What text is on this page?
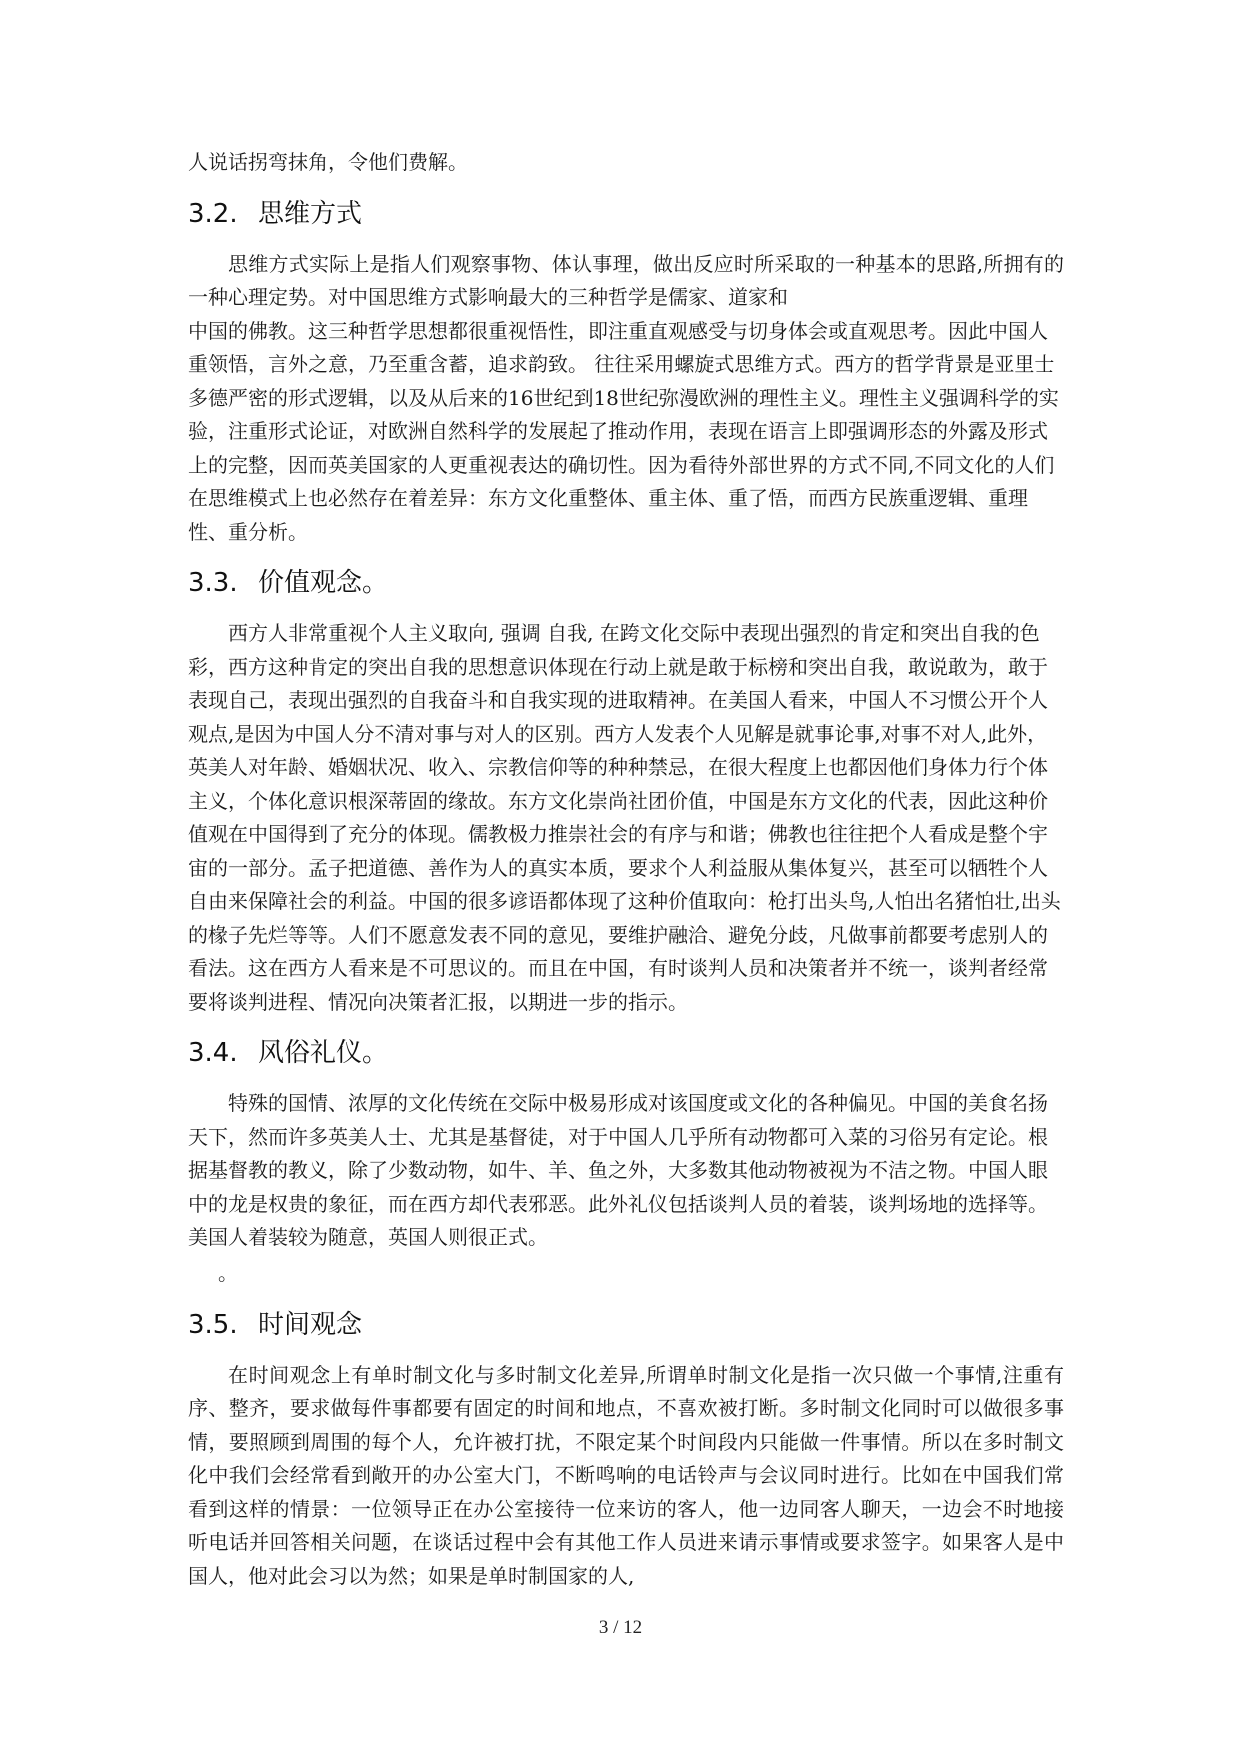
人说话拐弯抹角，令他们费解。

3.2. 思维方式

思维方式实际上是指人们观察事物、体认事理，做出反应时所采取的一种基本的思路,所拥有的一种心理定势。对中国思维方式影响最大的三种哲学是儒家、道家和

中国的佛教。这三种哲学思想都很重视悟性，即注重直观感受与切身体会或直观思考。因此中国人重领悟，言外之意，乃至重含蓄，追求韵致。 往往采用螺旋式思维方式。西方的哲学背景是亚里士多德严密的形式逻辑，以及从后来的16世纪到18世纪弥漫欧洲的理性主义。理性主义强调科学的实验，注重形式论证，对欧洲自然科学的发展起了推动作用，表现在语言上即强调形态的外露及形式上的完整，因而英美国家的人更重视表达的确切性。因为看待外部世界的方式不同,不同文化的人们在思维模式上也必然存在着差异：东方文化重整体、重主体、重了悟，而西方民族重逻辑、重理性、重分析。

3.3. 价值观念。

西方人非常重视个人主义取向, 强调 自我, 在跨文化交际中表现出强烈的肯定和突出自我的色彩，西方这种肯定的突出自我的思想意识体现在行动上就是敢于标榜和突出自我，敢说敢为，敢于表现自己，表现出强烈的自我奋斗和自我实现的进取精神。在美国人看来，中国人不习惯公开个人观点,是因为中国人分不清对事与对人的区别。西方人发表个人见解是就事论事,对事不对人,此外，英美人对年龄、婚姻状况、收入、宗教信仰等的种种禁忌，在很大程度上也都因他们身体力行个体主义，个体化意识根深蒂固的缘故。东方文化崇尚社团价值，中国是东方文化的代表，因此这种价值观在中国得到了充分的体现。儒教极力推崇社会的有序与和谐；佛教也往往把个人看成是整个宇宙的一部分。孟子把道德、善作为人的真实本质，要求个人利益服从集体复兴，甚至可以牺牲个人自由来保障社会的利益。中国的很多谚语都体现了这种价值取向：枪打出头鸟,人怕出名猪怕壮,出头的椽子先烂等等。人们不愿意发表不同的意见，要维护融洽、避免分歧，凡做事前都要考虑别人的看法。这在西方人看来是不可思议的。而且在中国，有时谈判人员和决策者并不统一，谈判者经常要将谈判进程、情况向决策者汇报，以期进一步的指示。

3.4. 风俗礼仪。

特殊的国情、浓厚的文化传统在交际中极易形成对该国度或文化的各种偏见。中国的美食名扬天下，然而许多英美人士、尤其是基督徒，对于中国人几乎所有动物都可入菜的习俗另有定论。根据基督教的教义，除了少数动物，如牛、羊、鱼之外，大多数其他动物被视为不洁之物。中国人眼中的龙是权贵的象征，而在西方却代表邪恶。此外礼仪包括谈判人员的着装，谈判场地的选择等。美国人着装较为随意，英国人则很正式。

。

3.5. 时间观念

在时间观念上有单时制文化与多时制文化差异,所谓单时制文化是指一次只做一个事情,注重有序、整齐，要求做每件事都要有固定的时间和地点，不喜欢被打断。多时制文化同时可以做很多事情，要照顾到周围的每个人，允许被打扰，不限定某个时间段内只能做一件事情。所以在多时制文化中我们会经常看到敞开的办公室大门，不断鸣响的电话铃声与会议同时进行。比如在中国我们常看到这样的情景：一位领导正在办公室接待一位来访的客人，他一边同客人聊天，一边会不时地接听电话并回答相关问题，在谈话过程中会有其他工作人员进来请示事情或要求签字。如果客人是中国人，他对此会习以为然；如果是单时制国家的人,

3 / 12
